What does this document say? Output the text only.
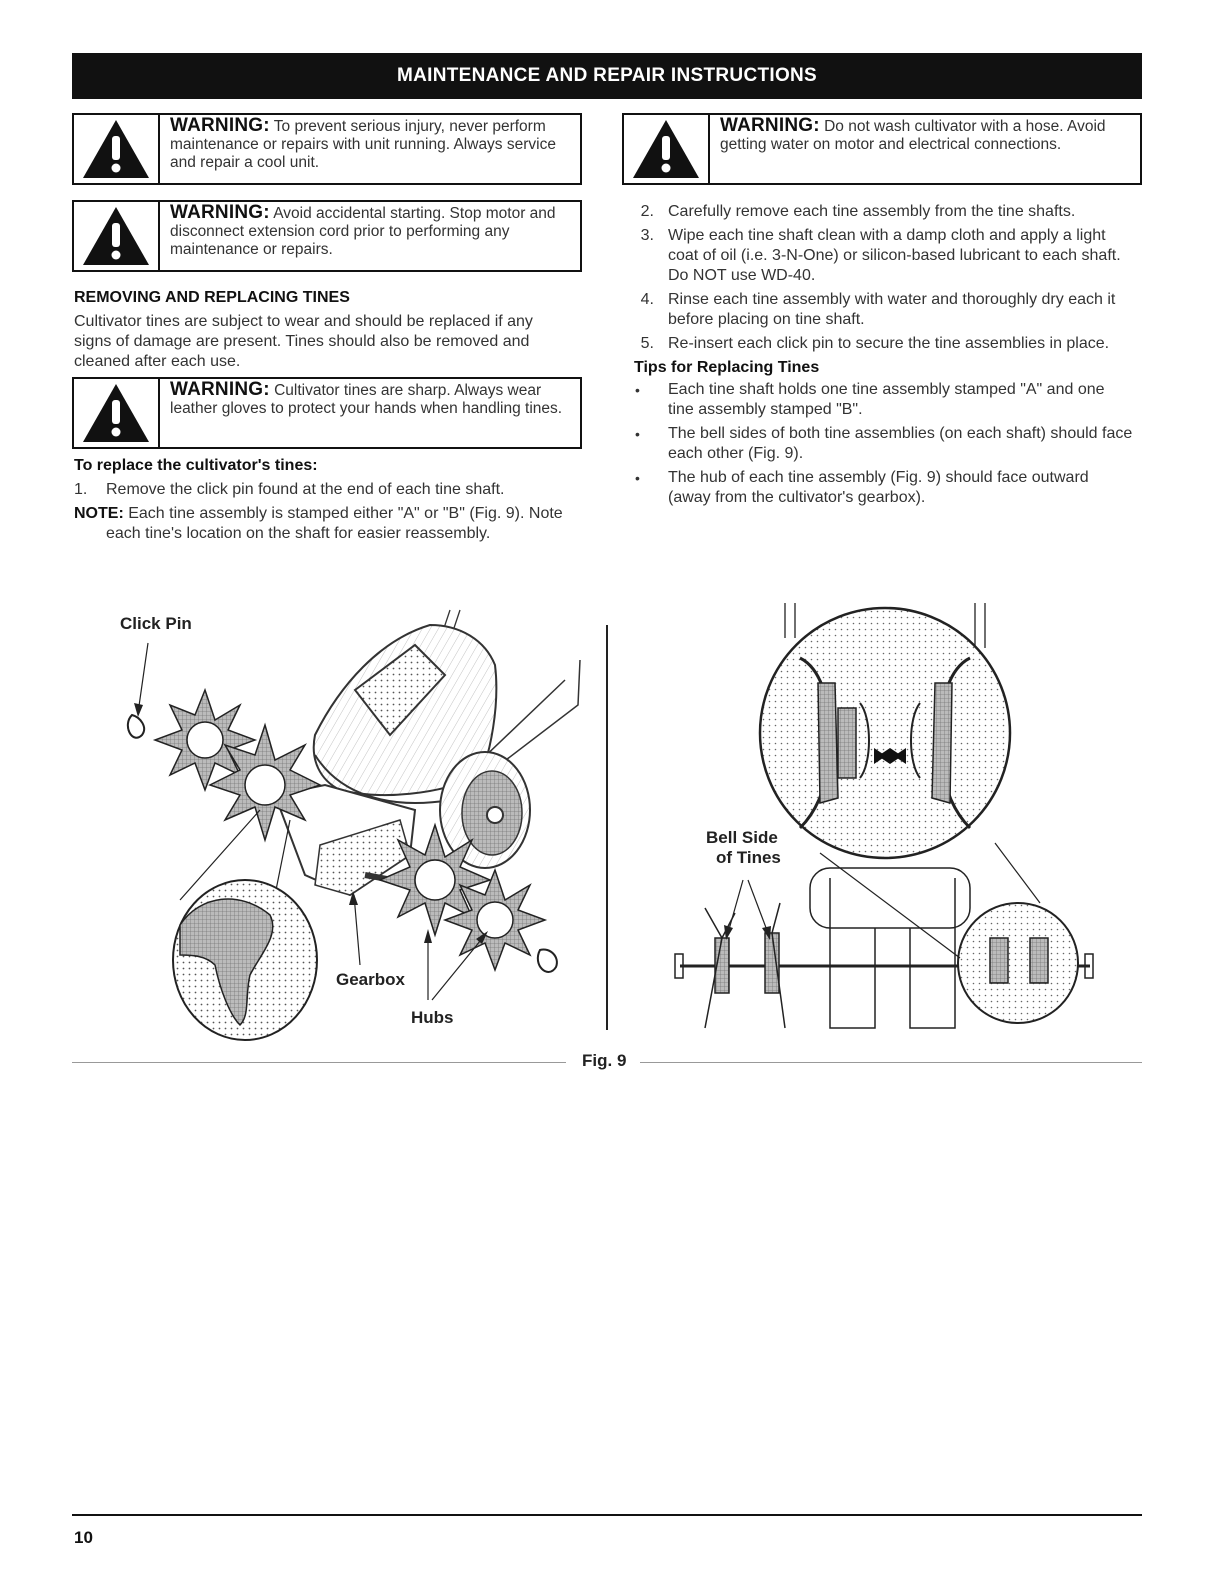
MAINTENANCE AND REPAIR INSTRUCTIONS
WARNING: To prevent serious injury, never perform maintenance or repairs with unit running. Always service and repair a cool unit.
WARNING: Avoid accidental starting. Stop motor and disconnect extension cord prior to performing any maintenance or repairs.
REMOVING AND REPLACING TINES

Cultivator tines are subject to wear and should be replaced if any signs of damage are present. Tines should also be removed and cleaned after each use.

WARNING: Cultivator tines are sharp. Always wear leather gloves to protect your hands when handling tines.
To replace the cultivator's tines:
1.	Remove the click pin found at the end of each tine shaft.

NOTE: Each tine assembly is stamped either "A" or "B" (Fig. 9). Note each tine's location on the shaft for easier reassembly.

WARNING: Do not wash cultivator with a hose. Avoid getting water on motor and electrical connections.
2. Carefully remove each tine assembly from the tine shafts.
3. Wipe each tine shaft clean with a damp cloth and apply a light coat of oil (i.e. 3-N-One) or silicon-based lubricant to each shaft. Do NOT use WD-40.
4. Rinse each tine assembly with water and thoroughly dry each it before placing on tine shaft.
5. Re-insert each click pin to secure the tine assemblies in place.
Tips for Replacing Tines
• Each tine shaft holds one tine assembly stamped "A" and one tine assembly stamped "B".
• The bell sides of both tine assemblies (on each shaft) should face each other (Fig. 9).
• The hub of each tine assembly (Fig. 9) should face outward (away from the cultivator's gearbox).
Click Pin
Gearbox
Hubs
Bell Side
of Tines
Fig. 9
10
